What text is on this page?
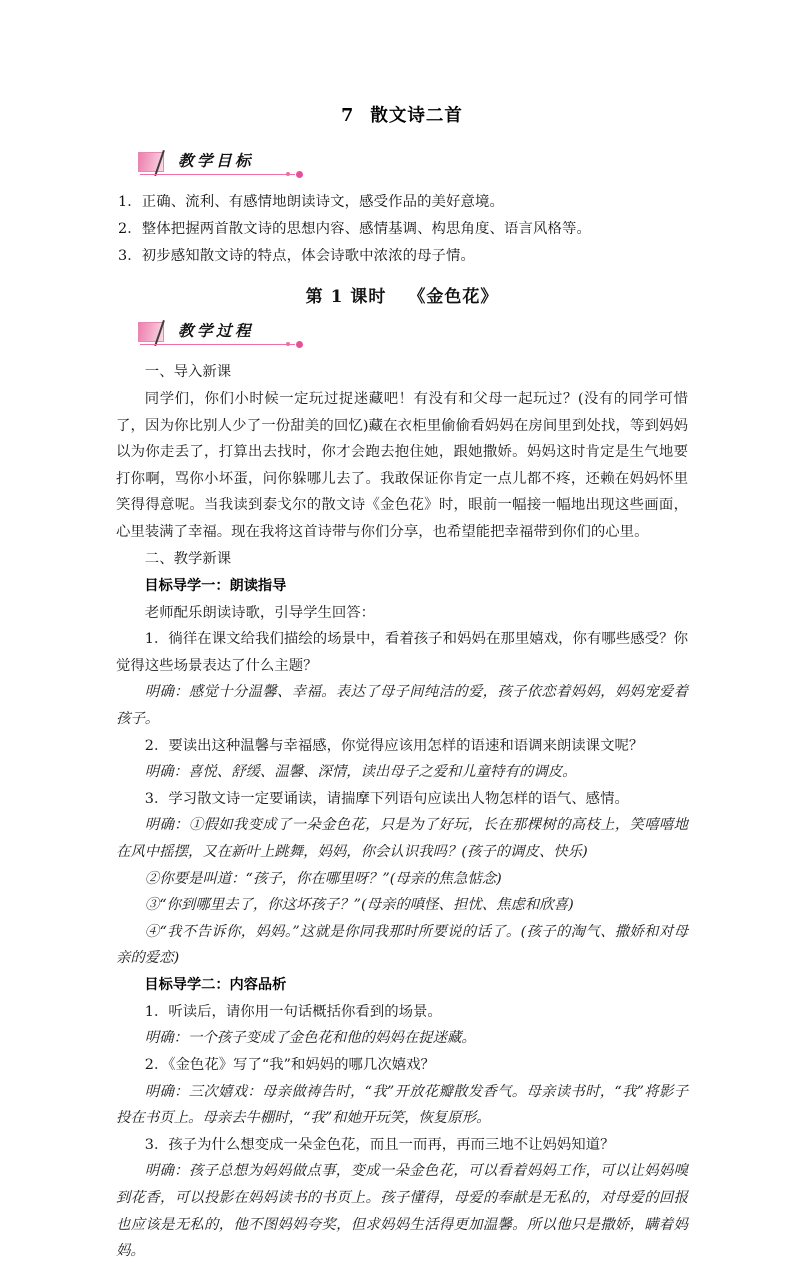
7 散文诗二首
教学目标

1．正确、流利、有感情地朗读诗文，感受作品的美好意境。

2．整体把握两首散文诗的思想内容、感情基调、构思角度、语言风格等。

3．初步感知散文诗的特点，体会诗歌中浓浓的母子情。

第 1 课时 《金色花》
教学过程

一、导入新课

同学们，你们小时候一定玩过捉迷藏吧！有没有和父母一起玩过？(没有的同学可惜了，因为你比别人少了一份甜美的回忆)藏在衣柜里偷偷看妈妈在房间里到处找，等到妈妈以为你走丢了，打算出去找时，你才会跑去抱住她，跟她撒娇。妈妈这时肯定是生气地要打你啊，骂你小坏蛋，问你躲哪儿去了。我敢保证你肯定一点儿都不疼，还赖在妈妈怀里笑得得意呢。当我读到泰戈尔的散文诗《金色花》时，眼前一幅接一幅地出现这些画面，心里装满了幸福。现在我将这首诗带与你们分享，也希望能把幸福带到你们的心里。

二、教学新课

目标导学一：朗读指导

老师配乐朗读诗歌，引导学生回答：

1．徜徉在课文给我们描绘的场景中，看着孩子和妈妈在那里嬉戏，你有哪些感受？你觉得这些场景表达了什么主题？

明确：感觉十分温馨、幸福。表达了母子间纯洁的爱，孩子依恋着妈妈，妈妈宠爱着孩子。

2．要读出这种温馨与幸福感，你觉得应该用怎样的语速和语调来朗读课文呢？

明确：喜悦、舒缓、温馨、深情，读出母子之爱和儿童特有的调皮。

3．学习散文诗一定要诵读，请揣摩下列语句应读出人物怎样的语气、感情。

明确：①假如我变成了一朵金色花，只是为了好玩，长在那棵树的高枝上，笑嘻嘻地在风中摇摆，又在新叶上跳舞，妈妈，你会认识我吗？(孩子的调皮、快乐)

②你要是叫道：“孩子，你在哪里呀？”(母亲的焦急惦念)

③“你到哪里去了，你这坏孩子？”(母亲的嗔怪、担忧、焦虑和欣喜)

④“我不告诉你，妈妈。”这就是你同我那时所要说的话了。(孩子的淘气、撒娇和对母亲的爱恋)

目标导学二：内容品析

1．听读后，请你用一句话概括你看到的场景。

明确：一个孩子变成了金色花和他的妈妈在捉迷藏。

2．《金色花》写了“我”和妈妈的哪几次嬉戏？

明确：三次嬉戏：母亲做祷告时，“我”开放花瓣散发香气。母亲读书时，“我”将影子投在书页上。母亲去牛棚时，“我”和她开玩笑，恢复原形。

3．孩子为什么想变成一朵金色花，而且一而再，再而三地不让妈妈知道？

明确：孩子总想为妈妈做点事，变成一朵金色花，可以看着妈妈工作，可以让妈妈嗅到花香，可以投影在妈妈读书的书页上。孩子懂得，母爱的奉献是无私的，对母爱的回报也应该是无私的，他不图妈妈夸奖，但求妈妈生活得更加温馨。所以他只是撒娇，瞒着妈妈。
